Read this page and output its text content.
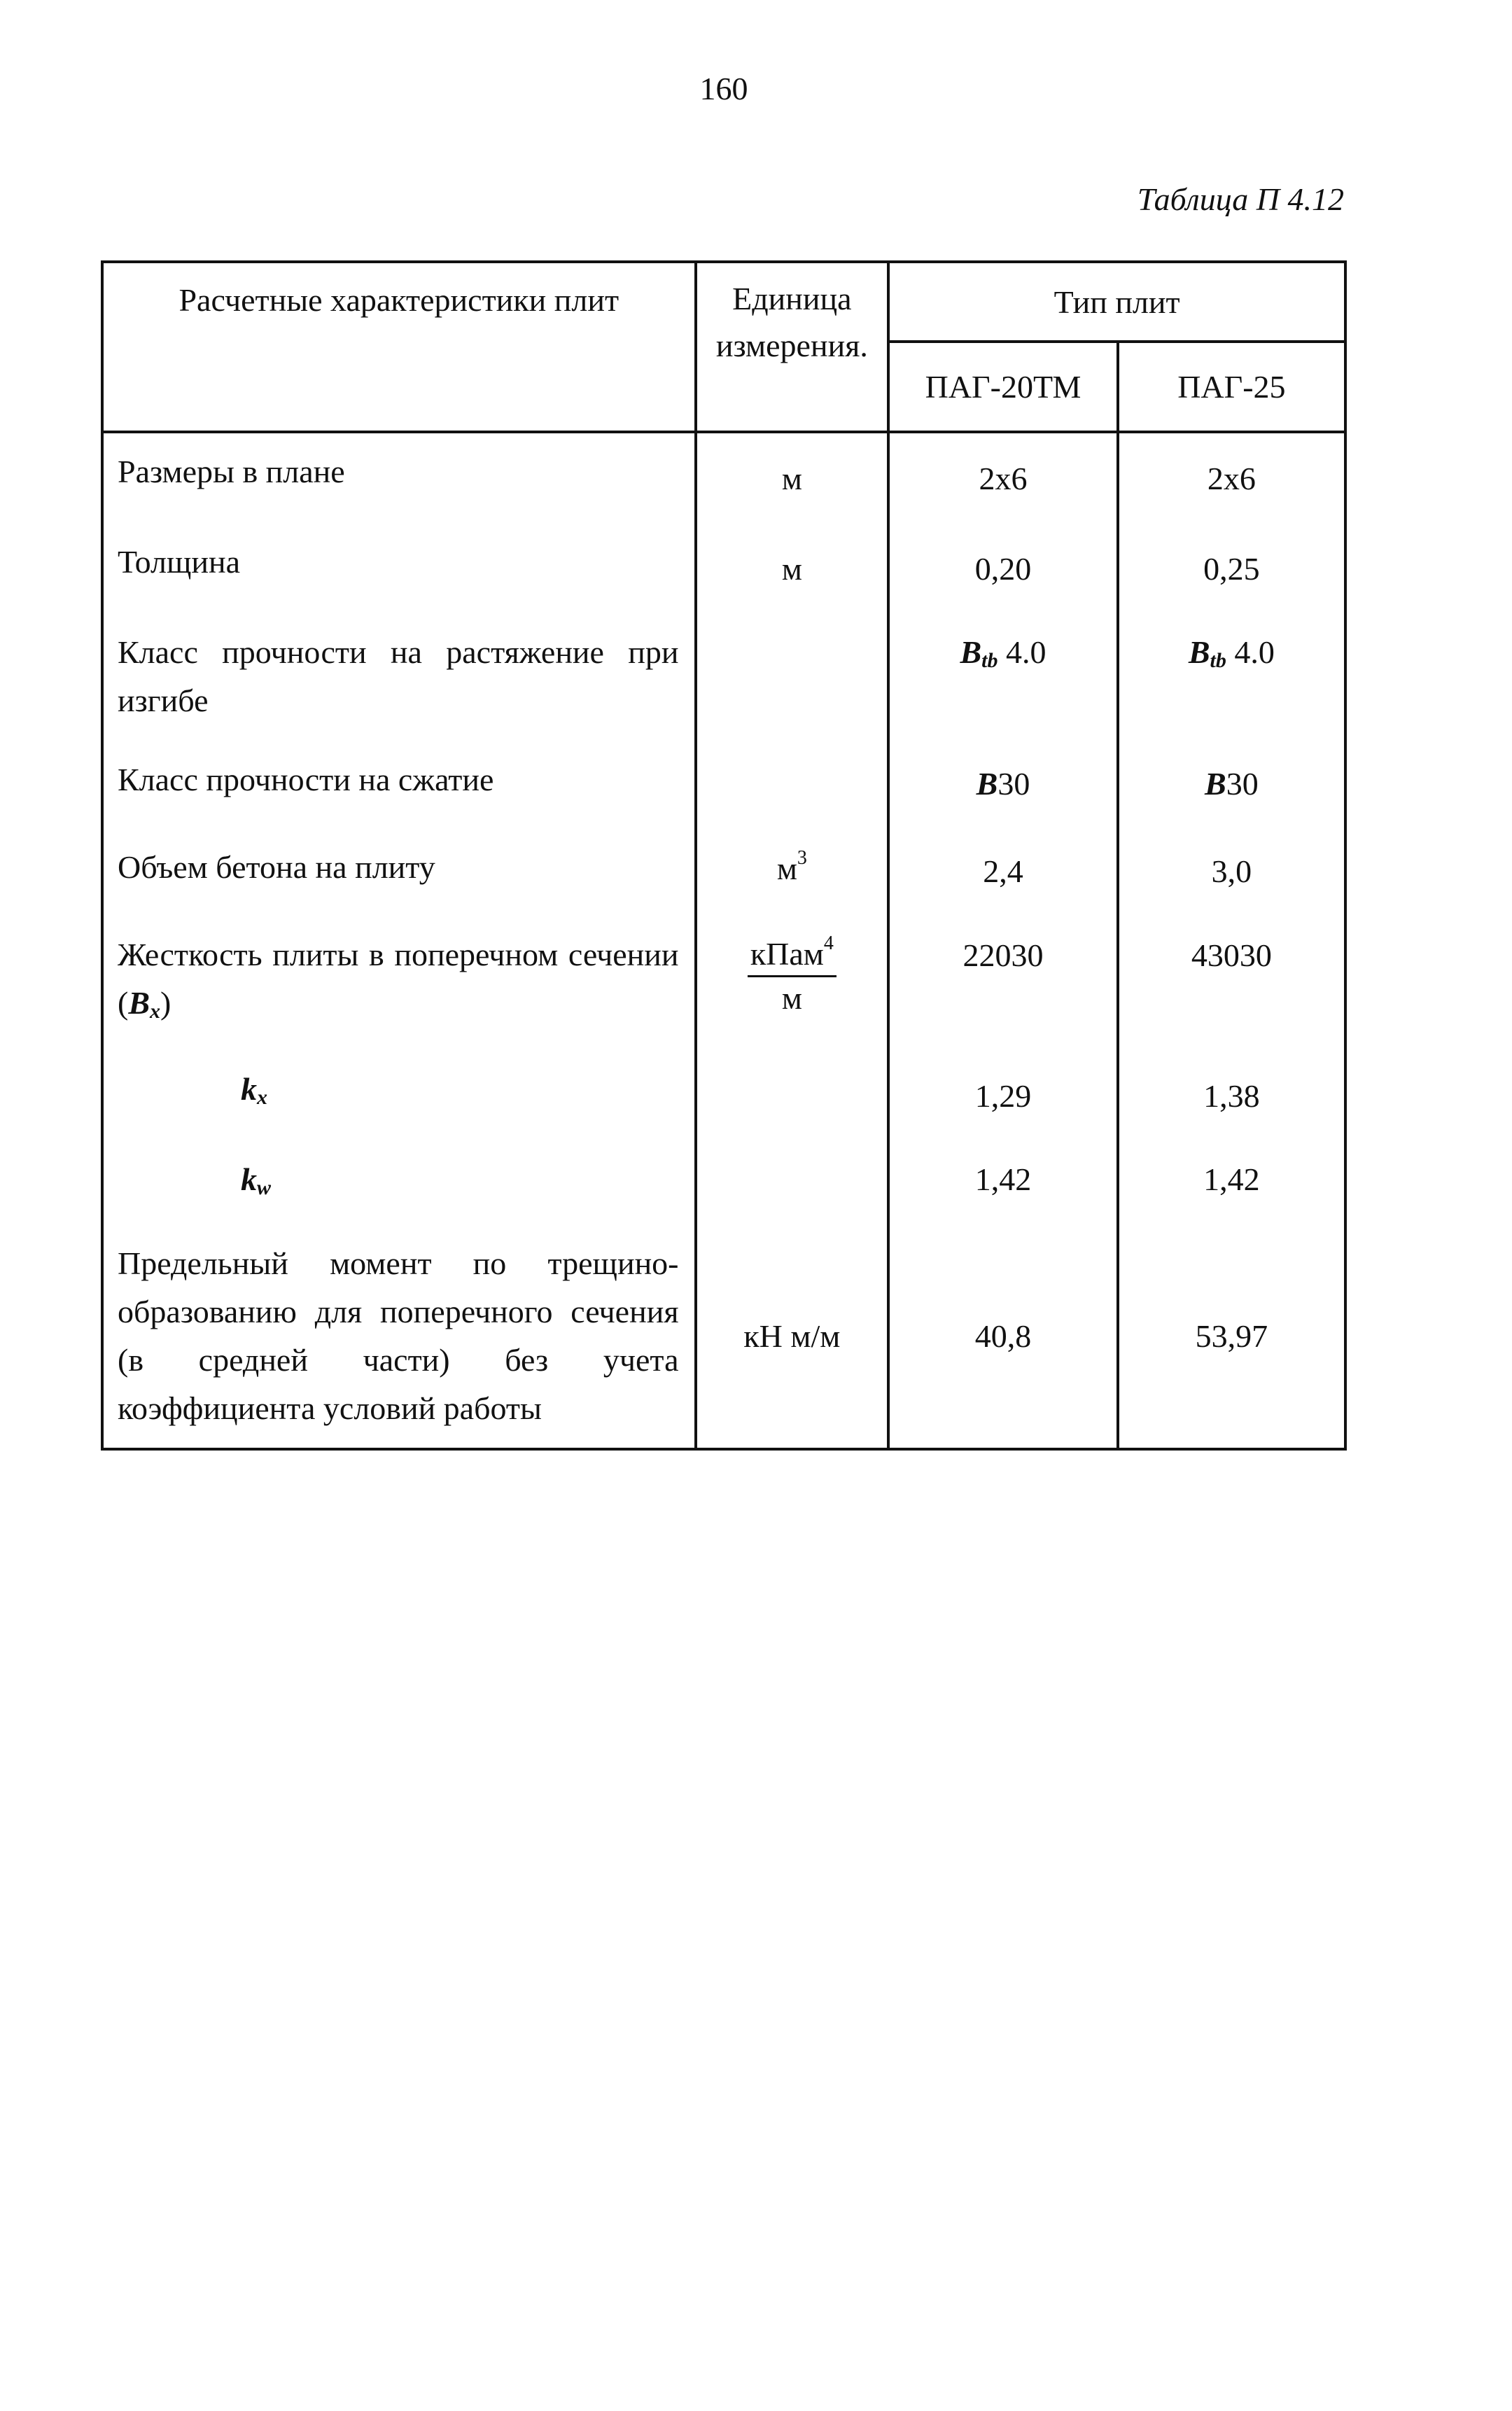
160
Таблица П 4.12
Расчетные характеристики плит	Единица измерения.	Тип плит	
		ПАГ-20ТМ	ПАГ-25
Размеры в плане	м	2х6	2х6
Толщина	м	0,20	0,25
Класс прочности на растяжение при изгибе		$B_{tb}$ 4.0	$B_{tb}$ 4.0
Класс прочности на сжатие		B30	B30
Объем бетона на плиту	$м^3$	2,4	3,0
Жесткость плиты в поперечном сечении $(B_x)$	$\frac{кПам^4}{м}$	22030	43030
$k_x$		1,29	1,38
$k_w$		1,42	1,42
Предельный момент по трещино-образованию для поперечного сечения (в средней части) без учета коэффициента условий работы	кН м/м	40,8	53,97
